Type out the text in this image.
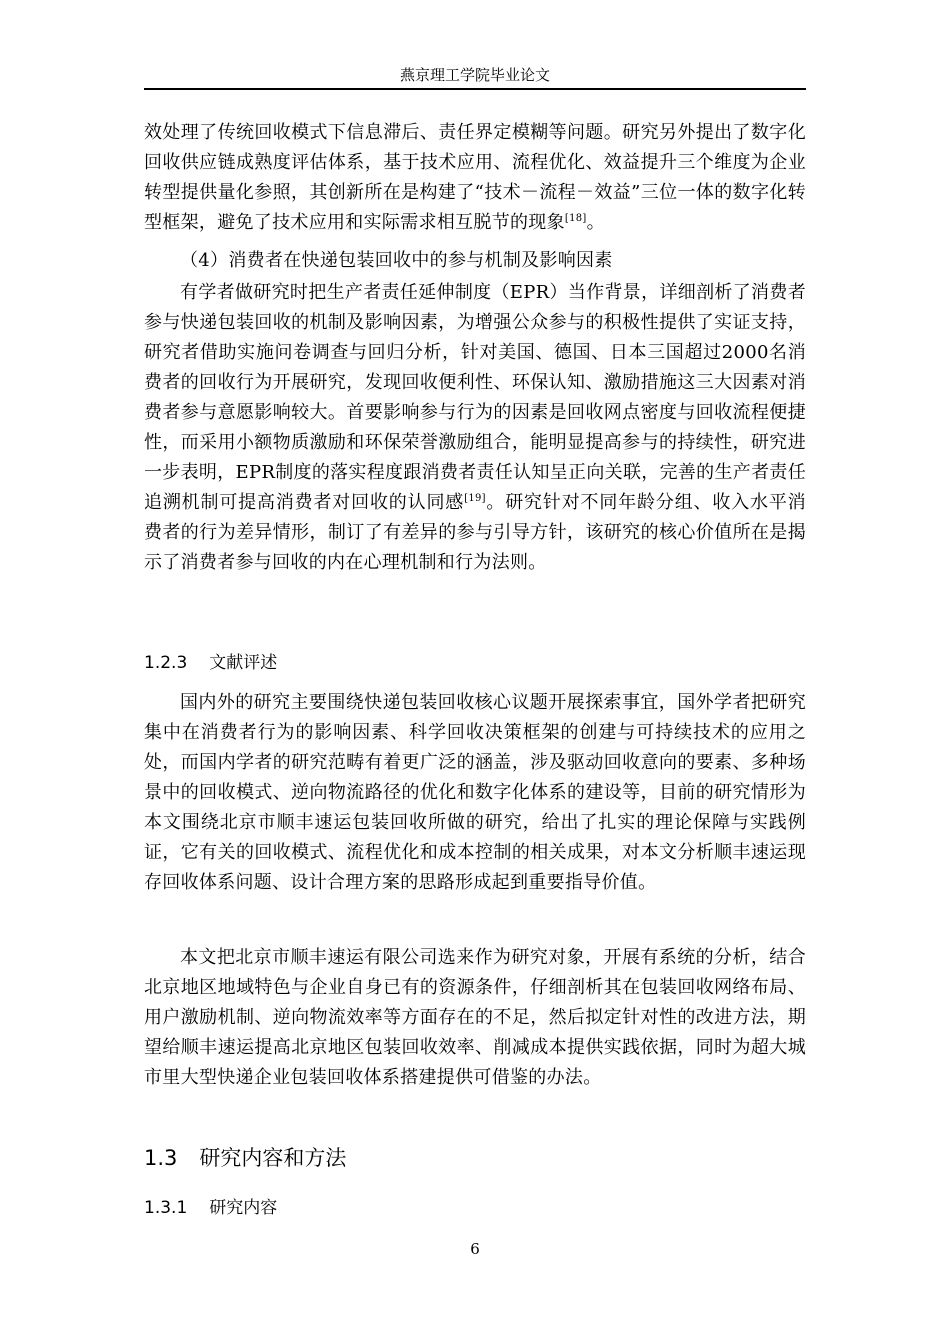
燕京理工学院毕业论文

效处理了传统回收模式下信息滞后、责任界定模糊等问题。研究另外提出了数字化回收供应链成熟度评估体系，基于技术应用、流程优化、效益提升三个维度为企业转型提供量化参照，其创新所在是构建了“技术－流程－效益”三位一体的数字化转型框架，避免了技术应用和实际需求相互脱节的现象[18]。

（4）消费者在快递包装回收中的参与机制及影响因素

有学者做研究时把生产者责任延伸制度（EPR）当作背景，详细剖析了消费者参与快递包装回收的机制及影响因素，为增强公众参与的积极性提供了实证支持，研究者借助实施问卷调查与回归分析，针对美国、德国、日本三国超过2000名消费者的回收行为开展研究，发现回收便利性、环保认知、激励措施这三大因素对消费者参与意愿影响较大。首要影响参与行为的因素是回收网点密度与回收流程便捷性，而采用小额物质激励和环保荣誉激励组合，能明显提高参与的持续性，研究进一步表明，EPR制度的落实程度跟消费者责任认知呈正向关联，完善的生产者责任追溯机制可提高消费者对回收的认同感[19]。研究针对不同年龄分组、收入水平消费者的行为差异情形，制订了有差异的参与引导方针，该研究的核心价值所在是揭示了消费者参与回收的内在心理机制和行为法则。

1.2.3 文献评述

国内外的研究主要围绕快递包装回收核心议题开展探索事宜，国外学者把研究集中在消费者行为的影响因素、科学回收决策框架的创建与可持续技术的应用之处，而国内学者的研究范畴有着更广泛的涵盖，涉及驱动回收意向的要素、多种场景中的回收模式、逆向物流路径的优化和数字化体系的建设等，目前的研究情形为本文围绕北京市顺丰速运包装回收所做的研究，给出了扎实的理论保障与实践例证，它有关的回收模式、流程优化和成本控制的相关成果，对本文分析顺丰速运现存回收体系问题、设计合理方案的思路形成起到重要指导价值。

本文把北京市顺丰速运有限公司选来作为研究对象，开展有系统的分析，结合北京地区地域特色与企业自身已有的资源条件，仔细剖析其在包装回收网络布局、用户激励机制、逆向物流效率等方面存在的不足，然后拟定针对性的改进方法，期望给顺丰速运提高北京地区包装回收效率、削减成本提供实践依据，同时为超大城市里大型快递企业包装回收体系搭建提供可借鉴的办法。

1.3 研究内容和方法
1.3.1 研究内容
6
